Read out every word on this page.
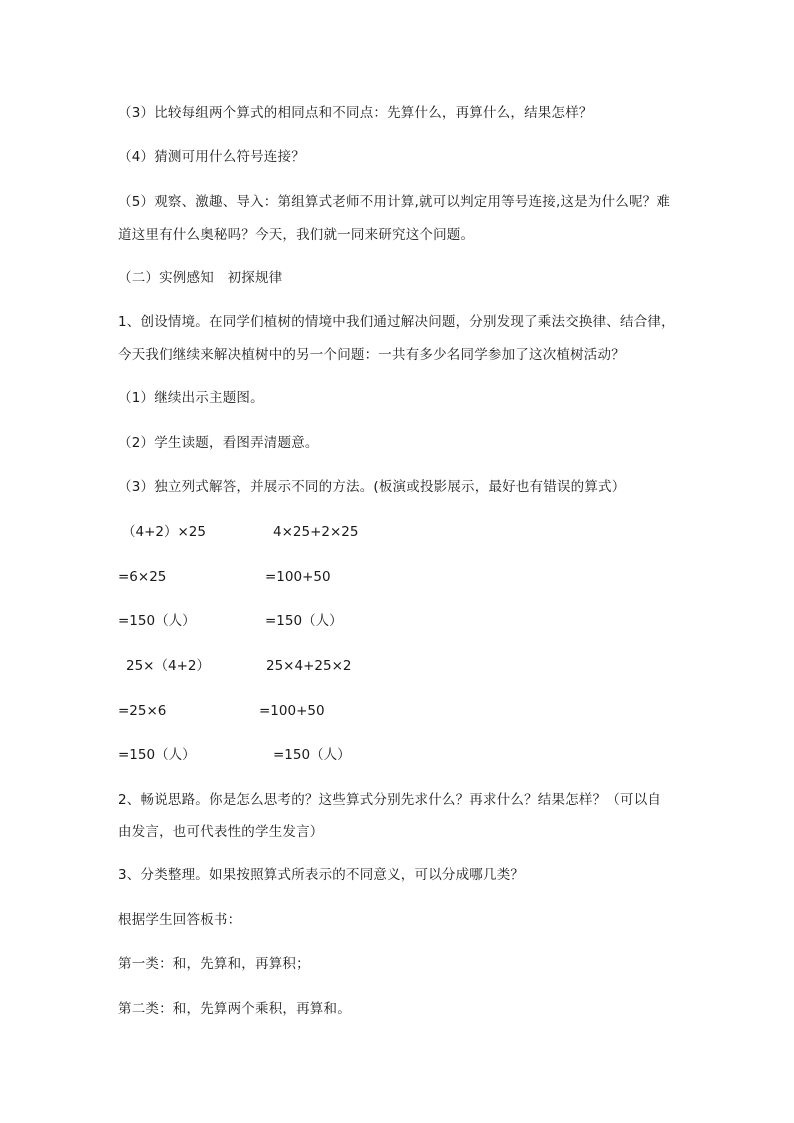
（3）比较每组两个算式的相同点和不同点：先算什么，再算什么，结果怎样？
（4）猜测可用什么符号连接？
（5）观察、激趣、导入：第组算式老师不用计算,就可以判定用等号连接,这是为什么呢？难
道这里有什么奥秘吗？今天，我们就一同来研究这个问题。
（二）实例感知　初探规律
1、创设情境。在同学们植树的情境中我们通过解决问题，分别发现了乘法交换律、结合律，
今天我们继续来解决植树中的另一个问题：一共有多少名同学参加了这次植树活动？
（1）继续出示主题图。
（2）学生读题，看图弄清题意。
（3）独立列式解答，并展示不同的方法。(板演或投影展示，最好也有错误的算式）
（4+2）×25	4×25+2×25
=6×25	=100+50
=150（人）	=150（人）
25×（4+2）	25×4+25×2
=25×6	=100+50
=150（人）	=150（人）
2、畅说思路。你是怎么思考的？这些算式分别先求什么？再求什么？结果怎样？（可以自
由发言，也可代表性的学生发言）
3、分类整理。如果按照算式所表示的不同意义，可以分成哪几类？
根据学生回答板书：
第一类：和，先算和，再算积；
第二类：和，先算两个乘积，再算和。
